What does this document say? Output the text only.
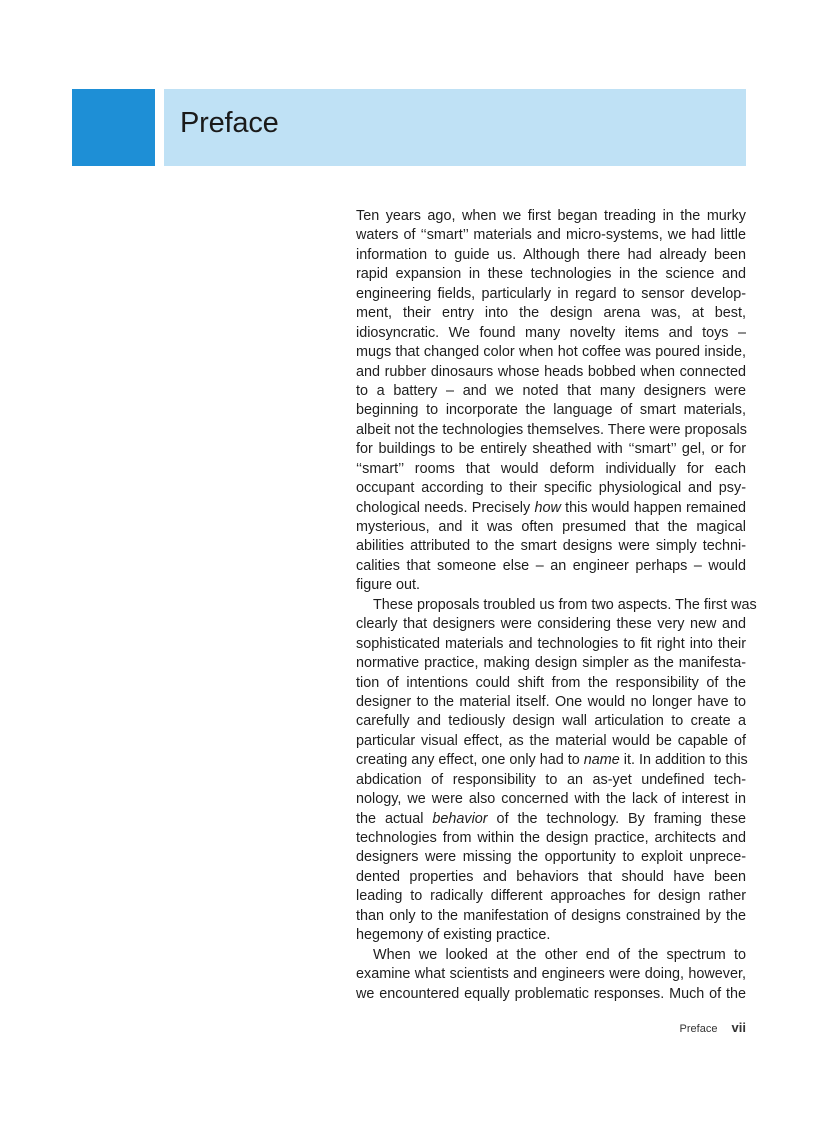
Preface
Ten years ago, when we first began treading in the murky
waters of ‘‘smart’’ materials and micro-systems, we had little
information to guide us. Although there had already been
rapid expansion in these technologies in the science and
engineering fields, particularly in regard to sensor develop-
ment, their entry into the design arena was, at best,
idiosyncratic. We found many novelty items and toys –
mugs that changed color when hot coffee was poured inside,
and rubber dinosaurs whose heads bobbed when connected
to a battery – and we noted that many designers were
beginning to incorporate the language of smart materials,
albeit not the technologies themselves. There were proposals
for buildings to be entirely sheathed with ‘‘smart’’ gel, or for
‘‘smart’’ rooms that would deform individually for each
occupant according to their specific physiological and psy-
chological needs. Precisely how this would happen remained
mysterious, and it was often presumed that the magical
abilities attributed to the smart designs were simply techni-
calities that someone else – an engineer perhaps – would
figure out.
These proposals troubled us from two aspects. The first was
clearly that designers were considering these very new and
sophisticated materials and technologies to fit right into their
normative practice, making design simpler as the manifesta-
tion of intentions could shift from the responsibility of the
designer to the material itself. One would no longer have to
carefully and tediously design wall articulation to create a
particular visual effect, as the material would be capable of
creating any effect, one only had to name it. In addition to this
abdication of responsibility to an as-yet undefined tech-
nology, we were also concerned with the lack of interest in
the actual behavior of the technology. By framing these
technologies from within the design practice, architects and
designers were missing the opportunity to exploit unprece-
dented properties and behaviors that should have been
leading to radically different approaches for design rather
than only to the manifestation of designs constrained by the
hegemony of existing practice.
When we looked at the other end of the spectrum to
examine what scientists and engineers were doing, however,
we encountered equally problematic responses. Much of the
Preface vii
